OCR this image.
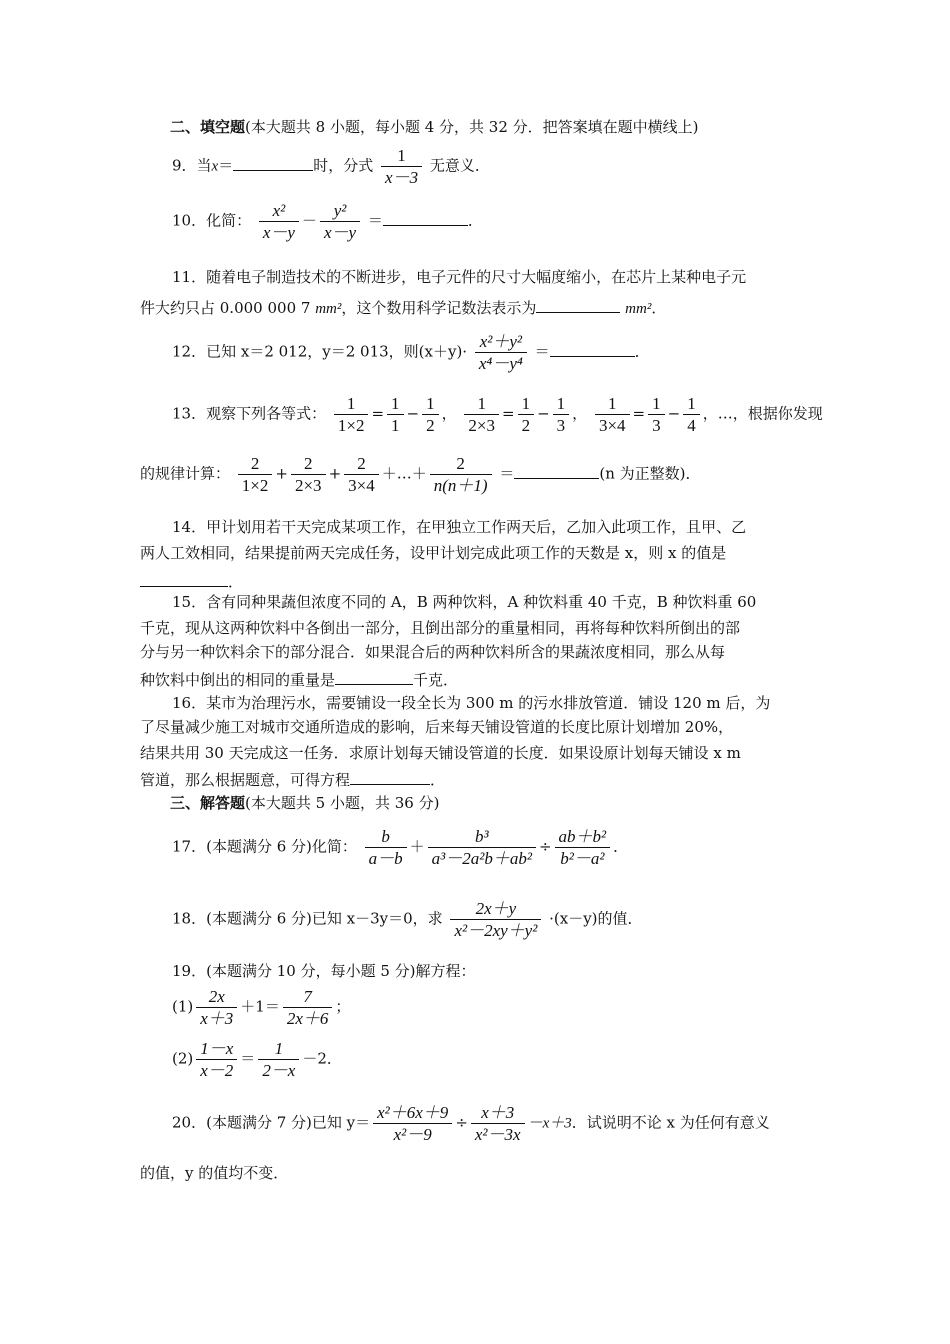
二、填空题(本大题共 8 小题，每小题 4 分，共 32 分．把答案填在题中横线上)
9．当x＝	时，分式 $\frac{1}{x-3}$ 无意义．
10．化简： $\frac{\text{x²}}{x-y} - \frac{\text{y²}}{x-y}$ ＝	．
11．随着电子制造技术的不断进步，电子元件的尺寸大幅度缩小，在芯片上某种电子元
件大约只占 0.000 000 7 mm²，这个数用科学记数法表示为	mm²．
12．已知 x＝2 012，y＝2 013，则$(x+y)\cdot \frac{\text{x²＋y²}}{\text{x⁴－y⁴}}$ ＝	．
13．观察下列各等式： $\frac{1}{1\times 2} = \frac{1}{1} - \frac{1}{2}$ ， $\frac{1}{2\times 3} = \frac{1}{2} - \frac{1}{3}$ ， $\frac{1}{3\times 4} = \frac{1}{3} - \frac{1}{4}$ ，…，根据你发现
的规律计算： $\frac{2}{1\times 2} + \frac{2}{2\times 3} + \frac{2}{3\times 4}$ ＋…＋ $\frac{2}{n(n+1)}$ ＝	(n 为正整数)．
14．甲计划用若干天完成某项工作，在甲独立工作两天后，乙加入此项工作，且甲、乙
两人工效相同，结果提前两天完成任务，设甲计划完成此项工作的天数是 x，则 x 的值是
．
15．含有同种果蔬但浓度不同的 A，B 两种饮料，A 种饮料重 40 千克，B 种饮料重 60
千克，现从这两种饮料中各倒出一部分，且倒出部分的重量相同，再将每种饮料所倒出的部
分与另一种饮料余下的部分混合．如果混合后的两种饮料所含的果蔬浓度相同，那么从每
种饮料中倒出的相同的重量是	千克．
16．某市为治理污水，需要铺设一段全长为 300 m 的污水排放管道．铺设 120 m 后，为
了尽量减少施工对城市交通所造成的影响，后来每天铺设管道的长度比原计划增加 20%，
结果共用 30 天完成这一任务．求原计划每天铺设管道的长度．如果设原计划每天铺设 x m
管道，那么根据题意，可得方程	．
三、解答题(本大题共 5 小题，共 36 分)
17．(本题满分 6 分)化简： $\frac{b}{a-b} + \frac{\text{b³}}{\text{a³－2a²b＋ab²}} \div \frac{\text{ab＋b²}}{\text{b²－a²}}$ ．
18．(本题满分 6 分)已知 x－3y＝0，求 $\frac{2x+y}{\text{x²－2xy＋y²}} \cdot(x-y)$的值．
19．(本题满分 10 分，每小题 5 分)解方程：
$(1) \frac{2x}{x+3} +1= \frac{7}{2x+6}$ ；
$(2) \frac{1-x}{x-2} = \frac{1}{2-x} -2$．
20．(本题满分 7 分)已知 $y= \frac{\text{x²＋6x＋9}}{\text{x²－9}} \div \frac{x+3}{\text{x²－3x}} -x+3$．试说明不论 x 为任何有意义
的值，y 的值均不变．
